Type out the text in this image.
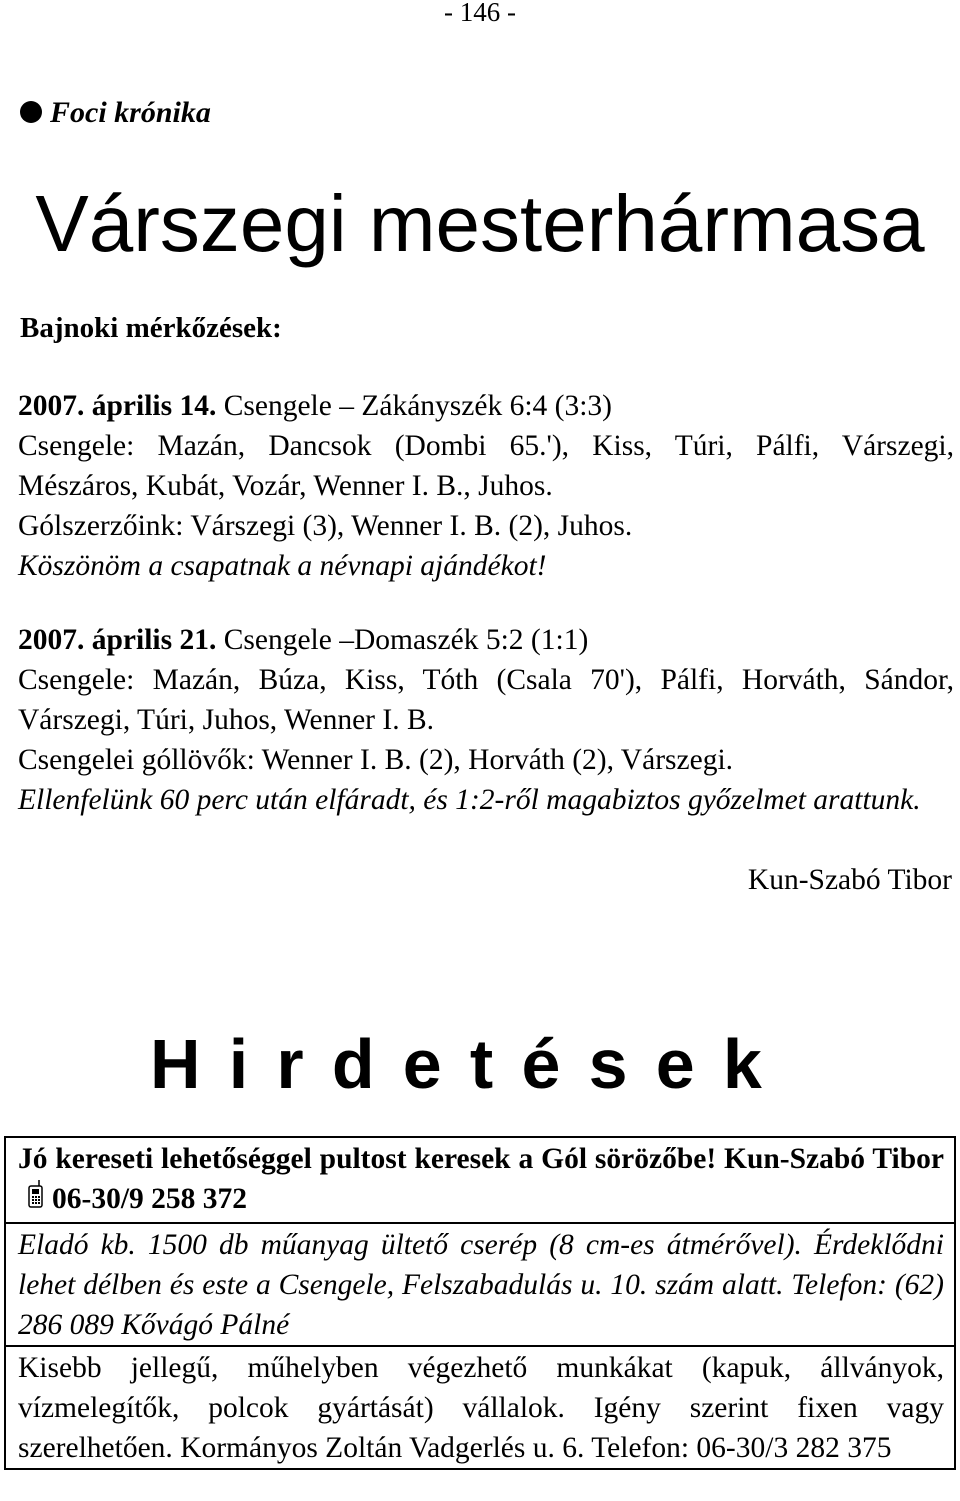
- 146 -

Foci krónika

Várszegi mesterhármasa

Bajnoki mérkőzések:

2007. április 14. Csengele – Zákányszék 6:4 (3:3)

Csengele: Mazán, Dancsok (Dombi 65.'), Kiss, Túri, Pálfi, Várszegi, Mészáros, Kubát, Vozár, Wenner I. B., Juhos.

Gólszerzőink: Várszegi (3), Wenner I. B. (2), Juhos.

Köszönöm a csapatnak a névnapi ajándékot!

2007. április 21. Csengele –Domaszék 5:2 (1:1)

Csengele: Mazán, Búza, Kiss, Tóth (Csala 70'), Pálfi, Horváth, Sándor, Várszegi, Túri, Juhos, Wenner I. B.

Csengelei góllövők: Wenner I. B. (2), Horváth (2), Várszegi.

Ellenfelünk 60 perc után elfáradt, és 1:2-ről magabiztos győzelmet arattunk.

Kun-Szabó Tibor

Hirdetések
Jó kereseti lehetőséggel pultost keresek a Gól sörözőbe! Kun-Szabó Tibor06-30/9 258 372
Eladó kb. 1500 db műanyag ültető cserép (8 cm-es átmérővel). Érdeklődni lehet délben és este a Csengele, Felszabadulás u. 10. szám alatt. Telefon: (62) 286 089 Kővágó Pálné
Kisebb jellegű, műhelyben végezhető munkákat (kapuk, állványok, vízmelegítők, polcok gyártását) vállalok. Igény szerint fixen vagy szerelhetően. Kormányos Zoltán Vadgerlés u. 6. Telefon: 06-30/3 282 375
